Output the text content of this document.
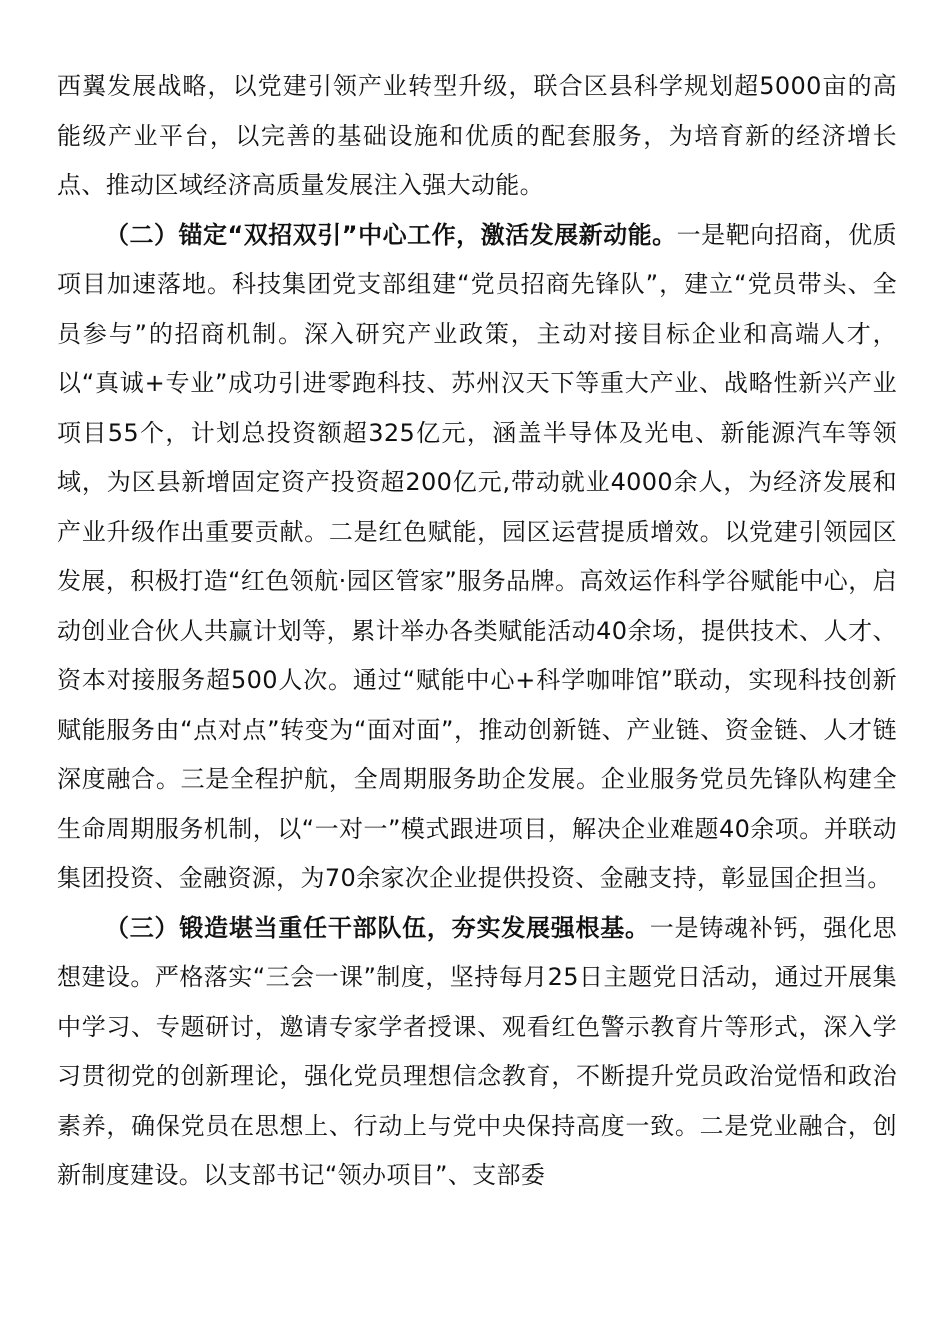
西翼发展战略，以党建引领产业转型升级，联合区县科学规划超5000亩的高能级产业平台，以完善的基础设施和优质的配套服务，为培育新的经济增长点、推动区域经济高质量发展注入强大动能。

（二）锚定“双招双引”中心工作，激活发展新动能。一是靶向招商，优质项目加速落地。科技集团党支部组建“党员招商先锋队”，建立“党员带头、全员参与”的招商机制。深入研究产业政策，主动对接目标企业和高端人才，以“真诚+专业”成功引进零跑科技、苏州汉天下等重大产业、战略性新兴产业项目55个，计划总投资额超325亿元，涵盖半导体及光电、新能源汽车等领域，为区县新增固定资产投资超200亿元,带动就业4000余人，为经济发展和产业升级作出重要贡献。二是红色赋能，园区运营提质增效。以党建引领园区发展，积极打造“红色领航·园区管家”服务品牌。高效运作科学谷赋能中心，启动创业合伙人共赢计划等，累计举办各类赋能活动40余场，提供技术、人才、资本对接服务超500人次。通过“赋能中心+科学咖啡馆”联动，实现科技创新赋能服务由“点对点”转变为“面对面”，推动创新链、产业链、资金链、人才链深度融合。三是全程护航，全周期服务助企发展。企业服务党员先锋队构建全生命周期服务机制，以“一对一”模式跟进项目，解决企业难题40余项。并联动集团投资、金融资源，为70余家次企业提供投资、金融支持，彰显国企担当。

（三）锻造堪当重任干部队伍，夯实发展强根基。一是铸魂补钙，强化思想建设。严格落实“三会一课”制度，坚持每月25日主题党日活动，通过开展集中学习、专题研讨，邀请专家学者授课、观看红色警示教育片等形式，深入学习贯彻党的创新理论，强化党员理想信念教育，不断提升党员政治觉悟和政治素养，确保党员在思想上、行动上与党中央保持高度一致。二是党业融合，创新制度建设。以支部书记“领办项目”、支部委
